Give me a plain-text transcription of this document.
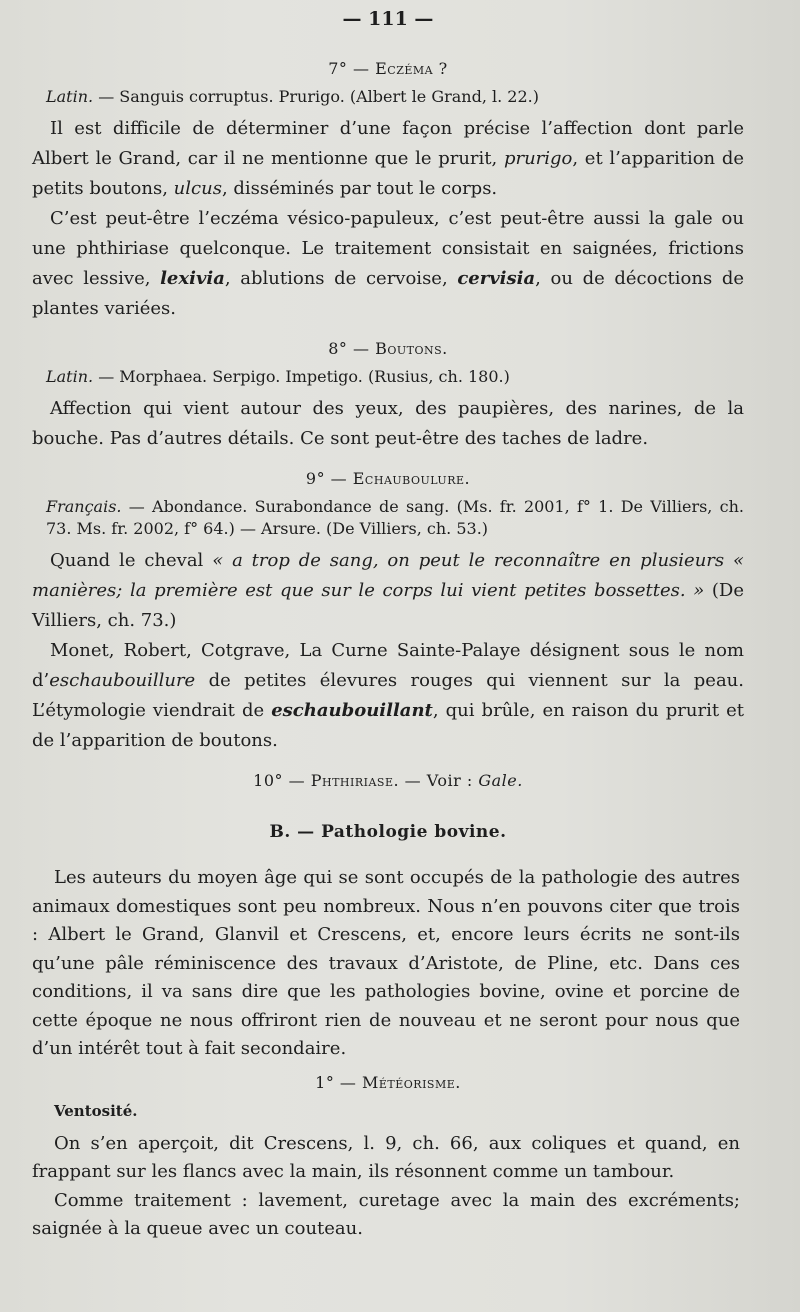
— 111 —
7° — Eczéma ?

Latin. — Sanguis corruptus. Prurigo. (Albert le Grand, l. 22.)

Il est difficile de déterminer d’une façon précise l’affection dont parle Albert le Grand, car il ne mentionne que le prurit, prurigo, et l’apparition de petits boutons, ulcus, disséminés par tout le corps.

C’est peut-être l’eczéma vésico-papuleux, c’est peut-être aussi la gale ou une phthiriase quelconque. Le traitement consistait en saignées, frictions avec lessive, lexivia, ablutions de cervoise, cervisia, ou de décoctions de plantes variées.

8° — Boutons.

Latin. — Morphaea. Serpigo. Impetigo. (Rusius, ch. 180.)

Affection qui vient autour des yeux, des paupières, des narines, de la bouche. Pas d’autres détails. Ce sont peut-être des taches de ladre.

9° — Echauboulure.

Français. — Abondance. Surabondance de sang. (Ms. fr. 2001, f° 1. De Villiers, ch. 73. Ms. fr. 2002, f° 64.) — Arsure. (De Villiers, ch. 53.)

Quand le cheval « a trop de sang, on peut le reconnaître en plusieurs « manières; la première est que sur le corps lui vient petites bossettes. » (De Villiers, ch. 73.)

Monet, Robert, Cotgrave, La Curne Sainte-Palaye désignent sous le nom d’eschaubouillure de petites élevures rouges qui viennent sur la peau. L’étymologie viendrait de eschaubouillant, qui brûle, en raison du prurit et de l’apparition de boutons.

10° — Phthiriase. — Voir : Gale.
B. — Pathologie bovine.

Les auteurs du moyen âge qui se sont occupés de la pathologie des autres animaux domestiques sont peu nombreux. Nous n’en pouvons citer que trois : Albert le Grand, Glanvil et Crescens, et, encore leurs écrits ne sont-ils qu’une pâle réminiscence des travaux d’Aristote, de Pline, etc. Dans ces conditions, il va sans dire que les pathologies bovine, ovine et porcine de cette époque ne nous offriront rien de nouveau et ne seront pour nous que d’un intérêt tout à fait secondaire.

1° — Météorisme.

Ventosité.

On s’en aperçoit, dit Crescens, l. 9, ch. 66, aux coliques et quand, en frappant sur les flancs avec la main, ils résonnent comme un tambour.

Comme traitement : lavement, curetage avec la main des excréments; saignée à la queue avec un couteau.
